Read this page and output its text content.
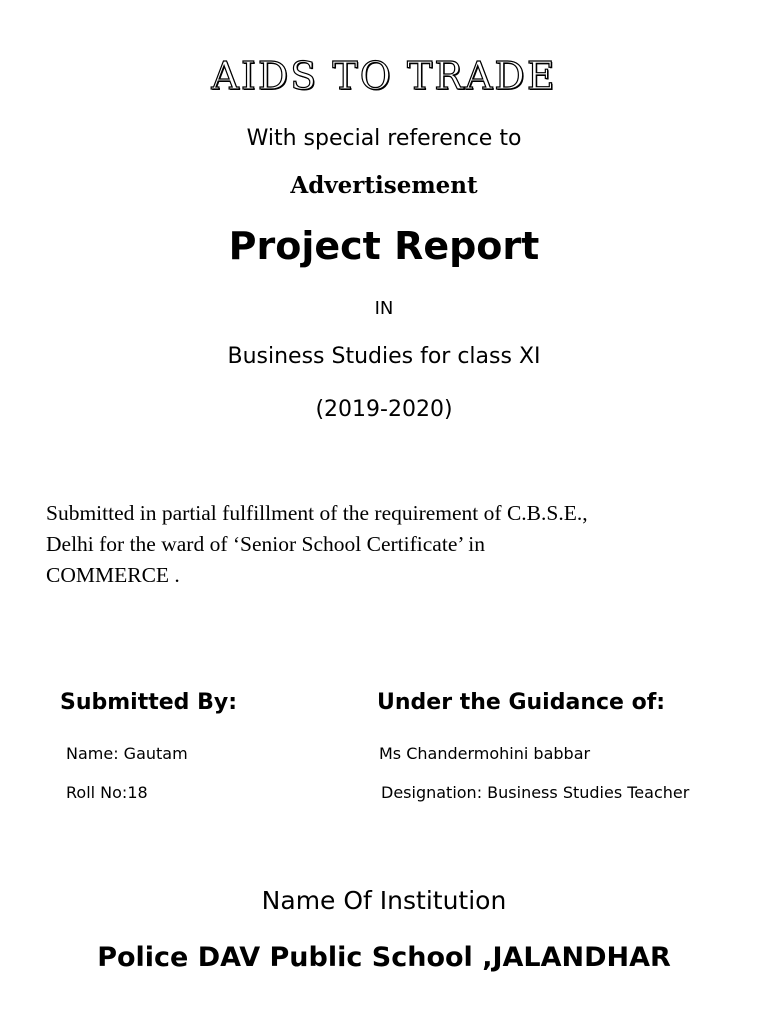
AIDS TO TRADE
With special reference to
Advertisement
Project Report
IN
Business Studies for class XI
(2019-2020)
Submitted in partial fulfillment of the requirement of C.B.S.E.,
Delhi for the ward of ‘Senior School Certificate’ in
COMMERCE .
Submitted By:	Under the Guidance of:
Name: Gautam
Roll No:18
Ms Chandermohini babbar
Designation: Business Studies Teacher
Name Of Institution
Police DAV Public School ,JALANDHAR
